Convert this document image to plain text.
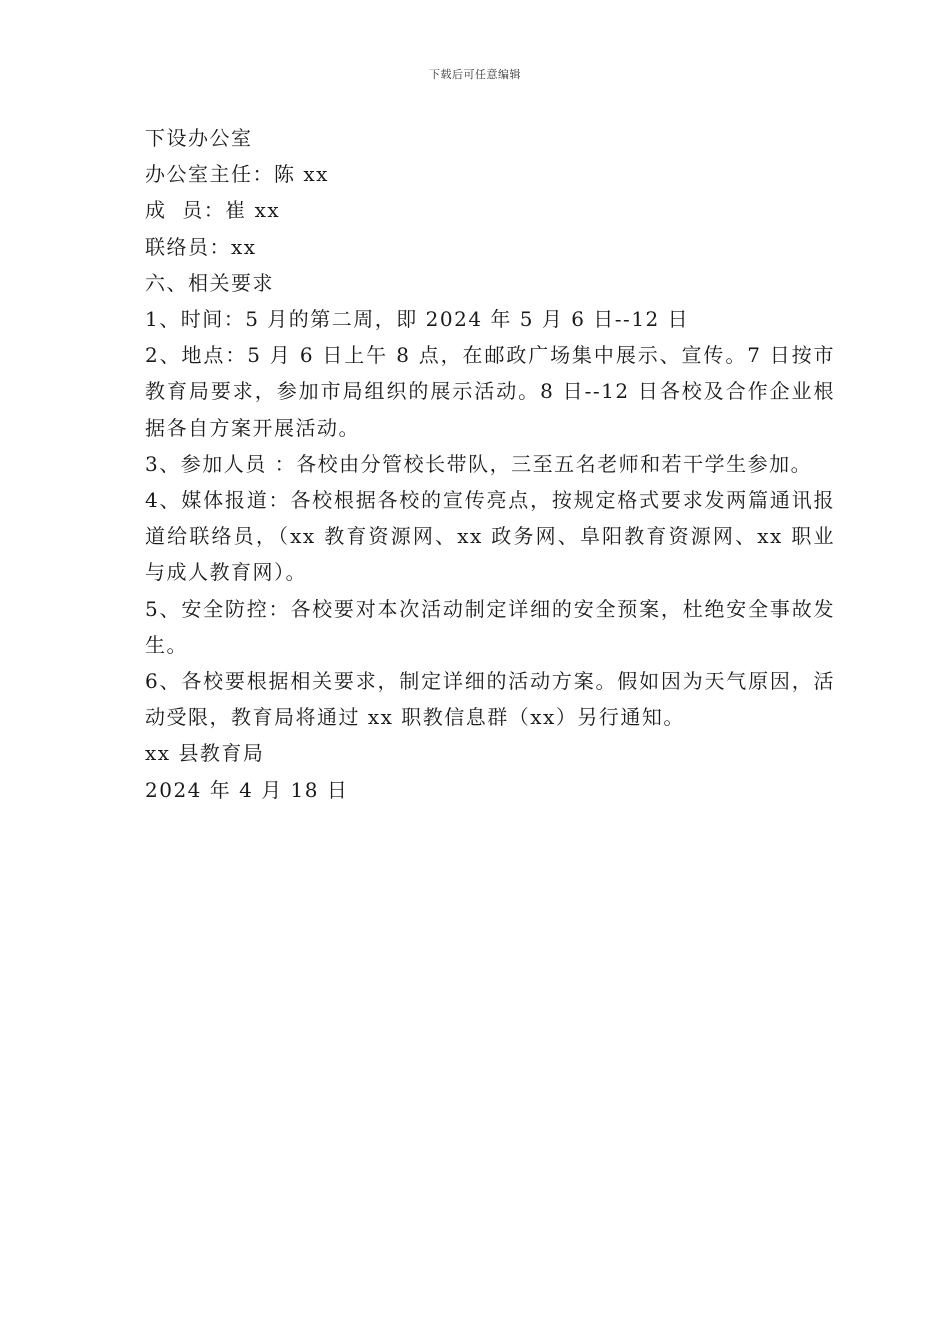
下载后可任意编辑

下设办公室

办公室主任：陈 xx

成  员：崔 xx

联络员：xx

六、相关要求

1、时间：5 月的第二周，即 2024 年 5 月 6 日--12 日

2、地点：5 月 6 日上午 8 点，在邮政广场集中展示、宣传。7 日按市教育局要求，参加市局组织的展示活动。8 日--12 日各校及合作企业根据各自方案开展活动。

3、参加人员 ：各校由分管校长带队，三至五名老师和若干学生参加。

4、媒体报道：各校根据各校的宣传亮点，按规定格式要求发两篇通讯报道给联络员，（xx 教育资源网、xx 政务网、阜阳教育资源网、xx 职业与成人教育网）。

5、安全防控：各校要对本次活动制定详细的安全预案，杜绝安全事故发生。

6、各校要根据相关要求，制定详细的活动方案。假如因为天气原因，活动受限，教育局将通过 xx 职教信息群（xx）另行通知。

xx 县教育局

2024 年 4 月 18 日
